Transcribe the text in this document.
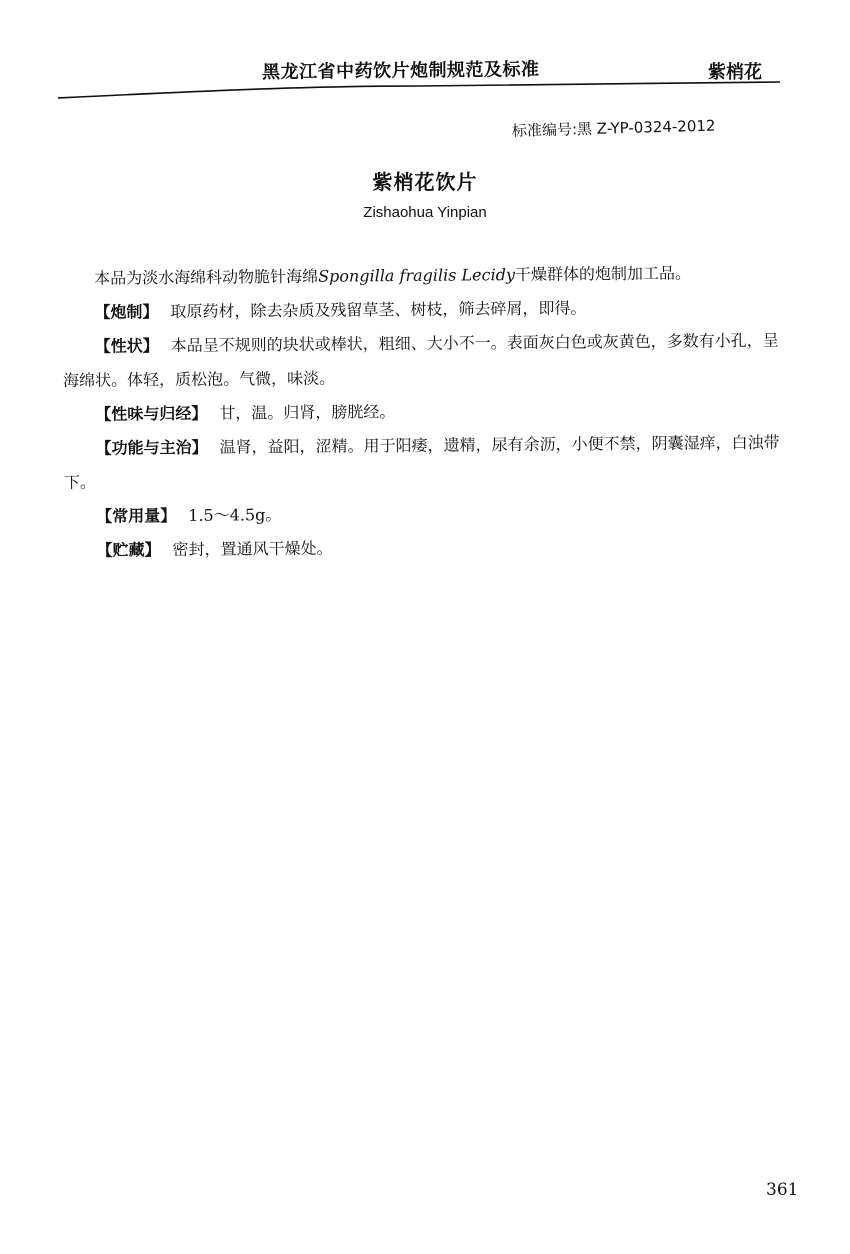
黑龙江省中药饮片炮制规范及标准	紫梢花
标准编号:黑 Z-YP-0324-2012
紫梢花饮片
Zishaohua Yinpian

本品为淡水海绵科动物脆针海绵Spongilla fragilis Lecidy干燥群体的炮制加工品。

【炮制】 取原药材，除去杂质及残留草茎、树枝，筛去碎屑，即得。

【性状】 本品呈不规则的块状或棒状，粗细、大小不一。表面灰白色或灰黄色，多数有小孔，呈海绵状。体轻，质松泡。气微，味淡。

【性味与归经】 甘，温。归肾，膀胱经。

【功能与主治】 温肾，益阳，涩精。用于阳痿，遗精，尿有余沥，小便不禁，阴囊湿痒，白浊带下。

【常用量】 1.5～4.5g。

【贮藏】 密封，置通风干燥处。

361
